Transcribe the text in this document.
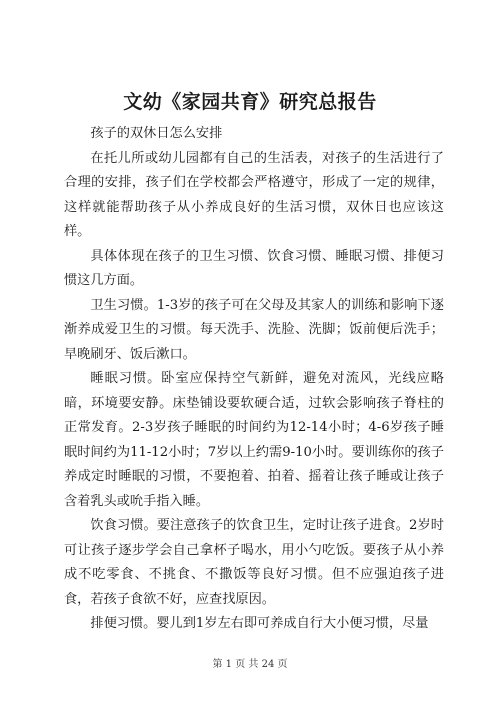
文幼《家园共育》研究总报告

孩子的双休日怎么安排

在托儿所或幼儿园都有自己的生活表，对孩子的生活进行了合理的安排，孩子们在学校都会严格遵守，形成了一定的规律，这样就能帮助孩子从小养成良好的生活习惯，双休日也应该这样。

具体体现在孩子的卫生习惯、饮食习惯、睡眠习惯、排便习惯这几方面。

卫生习惯。1-3岁的孩子可在父母及其家人的训练和影响下逐渐养成爱卫生的习惯。每天洗手、洗脸、洗脚；饭前便后洗手；早晚刷牙、饭后漱口。

睡眠习惯。卧室应保持空气新鲜，避免对流风，光线应略暗，环境要安静。床垫铺设要软硬合适，过软会影响孩子脊柱的正常发育。2-3岁孩子睡眠的时间约为12-14小时；4-6岁孩子睡眠时间约为11-12小时；7岁以上约需9-10小时。要训练你的孩子养成定时睡眠的习惯，不要抱着、拍着、摇着让孩子睡或让孩子含着乳头或吮手指入睡。

饮食习惯。要注意孩子的饮食卫生，定时让孩子进食。2岁时可让孩子逐步学会自己拿杯子喝水，用小勺吃饭。要孩子从小养成不吃零食、不挑食、不撒饭等良好习惯。但不应强迫孩子进食，若孩子食欲不好，应查找原因。

排便习惯。婴儿到1岁左右即可养成自行大小便习惯，尽量

第 1 页 共 24 页
